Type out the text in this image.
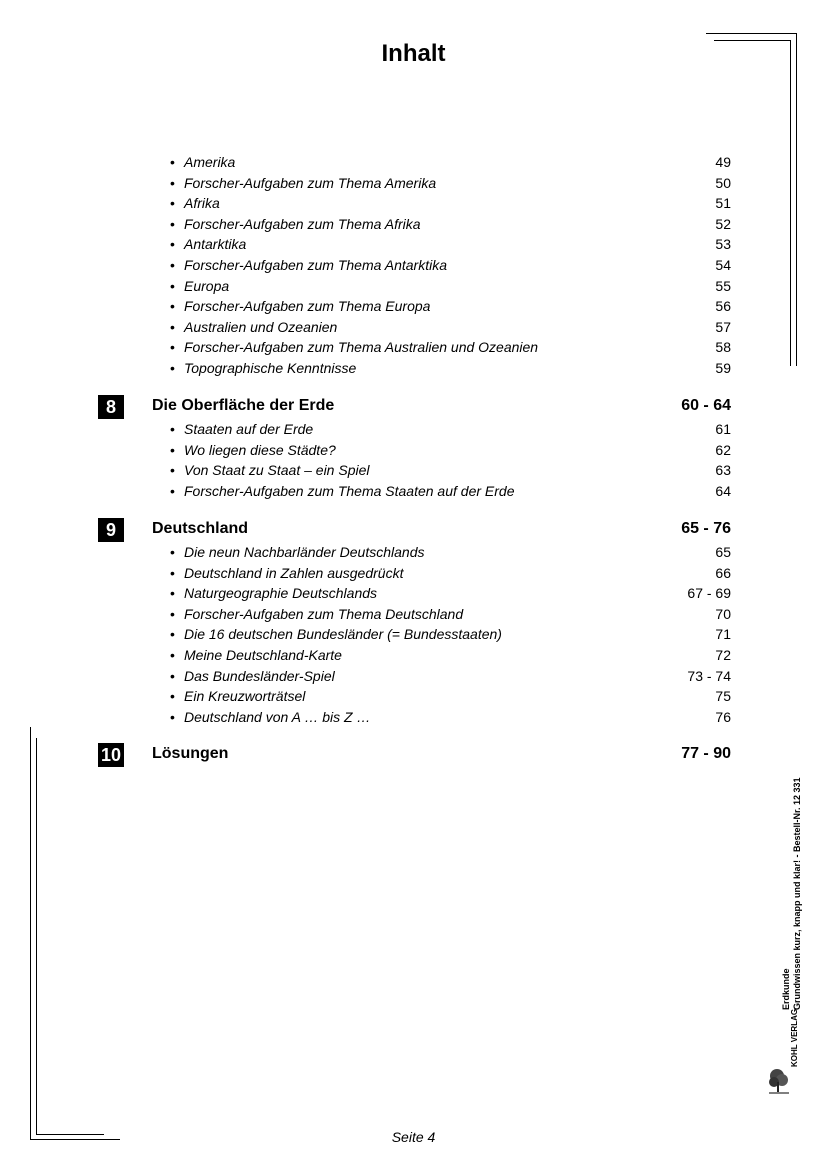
Inhalt
• Amerika	49
• Forscher-Aufgaben zum Thema Amerika	50
• Afrika	51
• Forscher-Aufgaben zum Thema Afrika	52
• Antarktika	53
• Forscher-Aufgaben zum Thema Antarktika	54
• Europa	55
• Forscher-Aufgaben zum Thema Europa	56
• Australien und Ozeanien	57
• Forscher-Aufgaben zum Thema Australien und Ozeanien	58
• Topographische Kenntnisse	59
8	Die Oberfläche der Erde	60 - 64
• Staaten auf der Erde	61
• Wo liegen diese Städte?	62
• Von Staat zu Staat – ein Spiel	63
• Forscher-Aufgaben zum Thema Staaten auf der Erde	64
9	Deutschland	65 - 76
• Die neun Nachbarländer Deutschlands	65
• Deutschland in Zahlen ausgedrückt	66
• Naturgeographie Deutschlands	67 - 69
• Forscher-Aufgaben zum Thema Deutschland	70
• Die 16 deutschen Bundesländer (= Bundesstaaten)	71
• Meine Deutschland-Karte	72
• Das Bundesländer-Spiel	73 - 74
• Ein Kreuzworträtsel	75
• Deutschland von A … bis Z …	76
10 Lösungen	77 - 90
Erdkunde Grundwissen kurz, knapp und klar! - Bestell-Nr. 12 331
KOHL VERLAG
Seite 4
